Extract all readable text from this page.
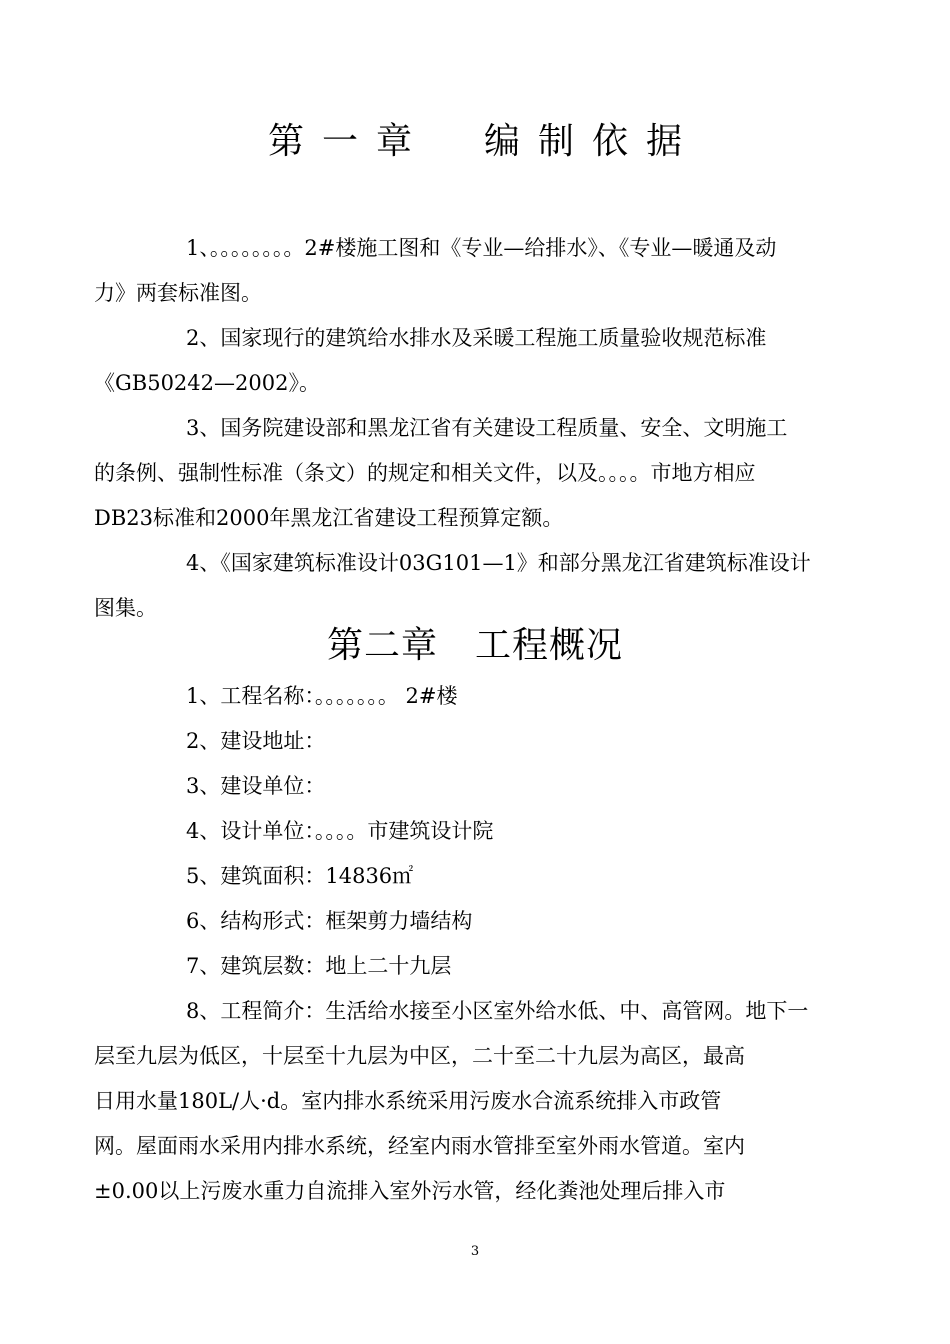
第一章　编制依据

1、。。。。。。。。2#楼施工图和《专业—给排水》、《专业—暖通及动
力》两套标准图。

2、国家现行的建筑给水排水及采暖工程施工质量验收规范标准
《GB50242—2002》。

3、国务院建设部和黑龙江省有关建设工程质量、安全、文明施工
的条例、强制性标准（条文）的规定和相关文件，以及。。。。市地方相应
DB23标准和2000年黑龙江省建设工程预算定额。

4、《国家建筑标准设计03G101—1》和部分黑龙江省建筑标准设计
图集。

第二章　工程概况

1、工程名称：。。。。。。。 2#楼

2、建设地址：

3、建设单位：

4、设计单位：。。。。市建筑设计院

5、建筑面积：14836㎡

6、结构形式：框架剪力墙结构

7、建筑层数：地上二十九层

8、工程简介：生活给水接至小区室外给水低、中、高管网。地下一
层至九层为低区，十层至十九层为中区，二十至二十九层为高区，最高
日用水量180L/人·d。室内排水系统采用污废水合流系统排入市政管
网。屋面雨水采用内排水系统，经室内雨水管排至室外雨水管道。室内
±0.00以上污废水重力自流排入室外污水管，经化粪池处理后排入市

3
